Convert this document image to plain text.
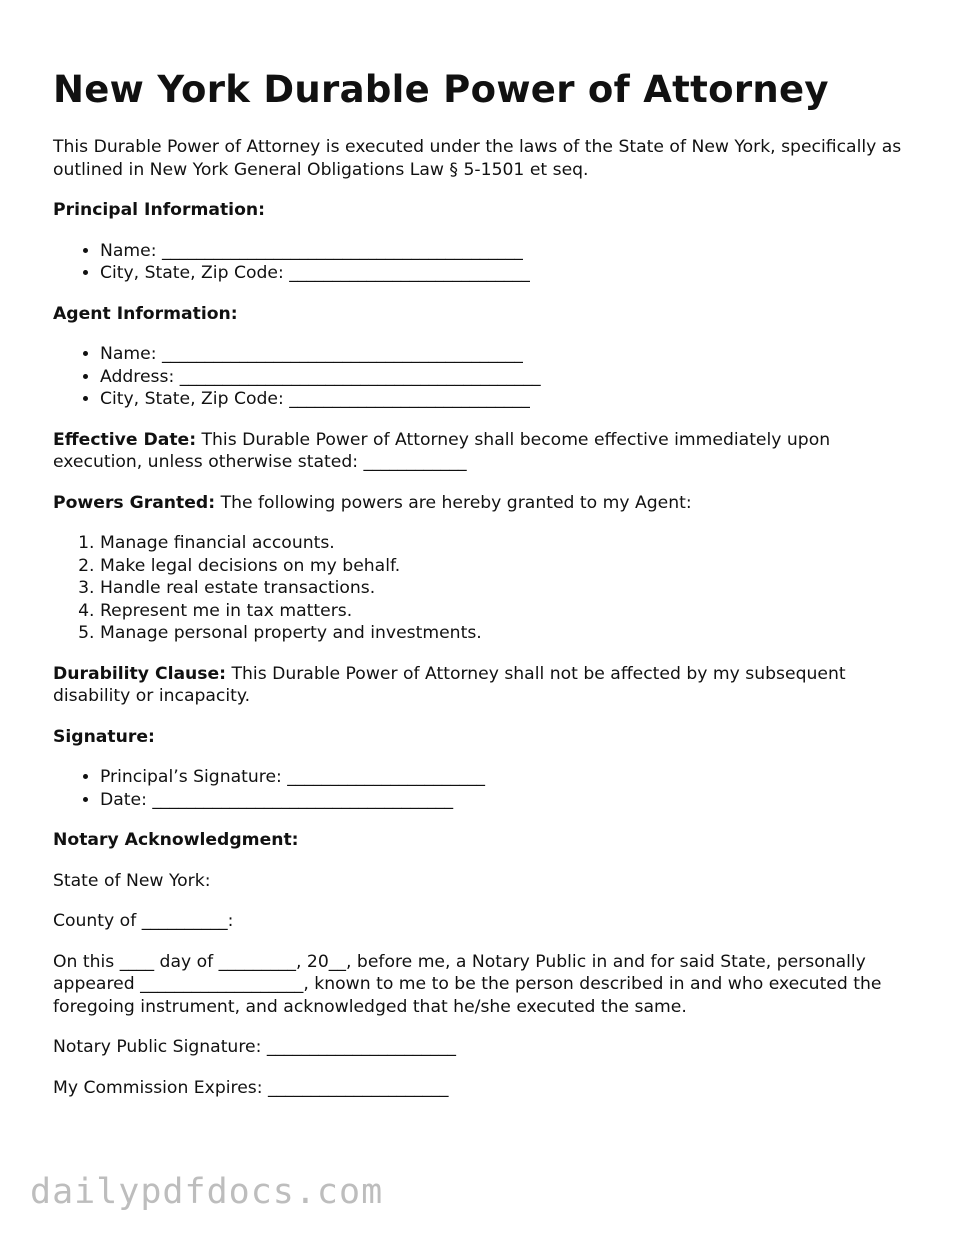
New York Durable Power of Attorney

This Durable Power of Attorney is executed under the laws of the State of New York, specifically as outlined in New York General Obligations Law § 5-1501 et seq.

Principal Information:

• Name: __________________________________________
• City, State, Zip Code: ____________________________

Agent Information:

• Name: __________________________________________
• Address: __________________________________________
• City, State, Zip Code: ____________________________

Effective Date: This Durable Power of Attorney shall become effective immediately upon execution, unless otherwise stated: ____________

Powers Granted: The following powers are hereby granted to my Agent:

1. Manage financial accounts.
2. Make legal decisions on my behalf.
3. Handle real estate transactions.
4. Represent me in tax matters.
5. Manage personal property and investments.

Durability Clause: This Durable Power of Attorney shall not be affected by my subsequent disability or incapacity.

Signature:

• Principal’s Signature: _______________________
• Date: ___________________________________

Notary Acknowledgment:

State of New York:

County of __________:

On this ____ day of _________, 20__, before me, a Notary Public in and for said State, personally appeared ___________________, known to me to be the person described in and who executed the foregoing instrument, and acknowledged that he/she executed the same.

Notary Public Signature: ______________________

My Commission Expires: _____________________

dailypdfdocs.com
